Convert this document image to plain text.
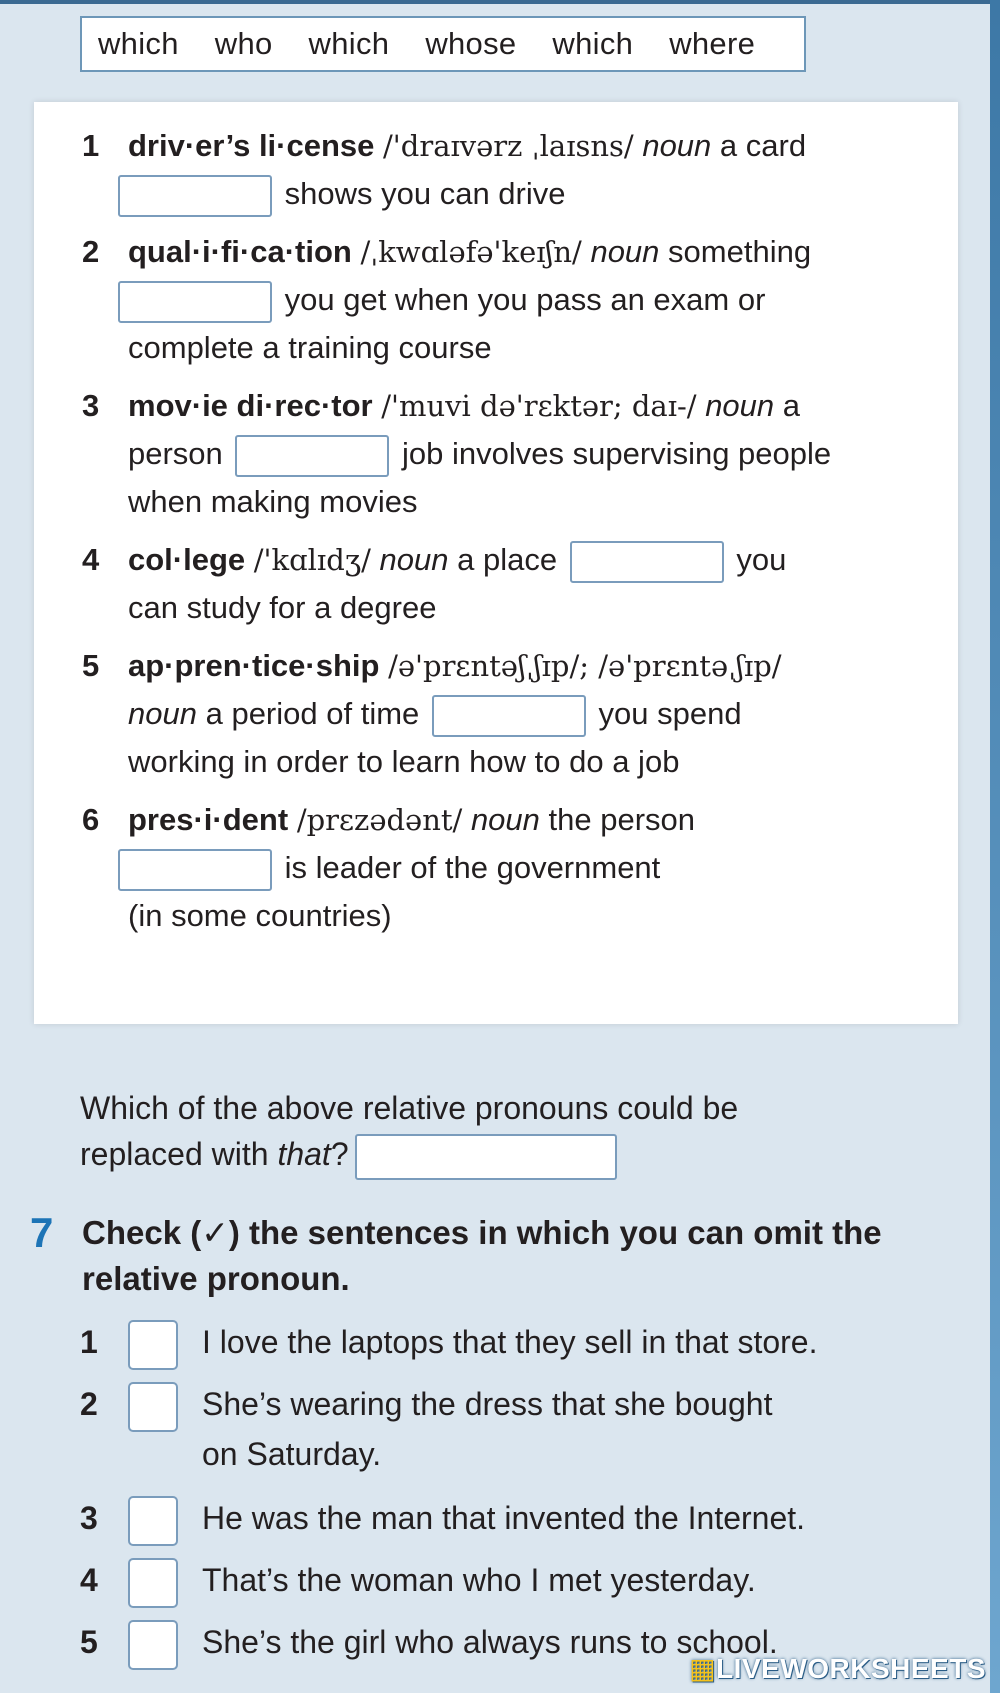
which who which whose which where
1 driv·er’s li·cense /'draɪvərz ˌlaɪsns/ noun a card
shows you can drive
2 qual·i·fi·ca·tion /ˌkwɑləfə'keɪʃn/ noun something
you get when you pass an exam or
complete a training course
3 mov·ie di·rec·tor /'muvi də'rɛktər; daɪ-/ noun a
person	job involves supervising people
when making movies
4 col·lege /'kɑlɪdʒ/ noun a place	you
can study for a degree
5 ap·pren·tice·ship /ə'prɛntəʃˌʃɪp/; /ə'prɛntəˌʃɪp/
noun a period of time	you spend
working in order to learn how to do a job
6 pres·i·dent /prɛzədənt/ noun the person
is leader of the government
(in some countries)
Which of the above relative pronouns could be
replaced with that?
7 Check (✓) the sentences in which you can omit the relative pronoun.
1	I love the laptops that they sell in that store.
2	She’s wearing the dress that she bought
on Saturday.
3	He was the man that invented the Internet.
4	That’s the woman who I met yesterday.
5	She’s the girl who always runs to school.
▦LIVEWORKSHEETS
